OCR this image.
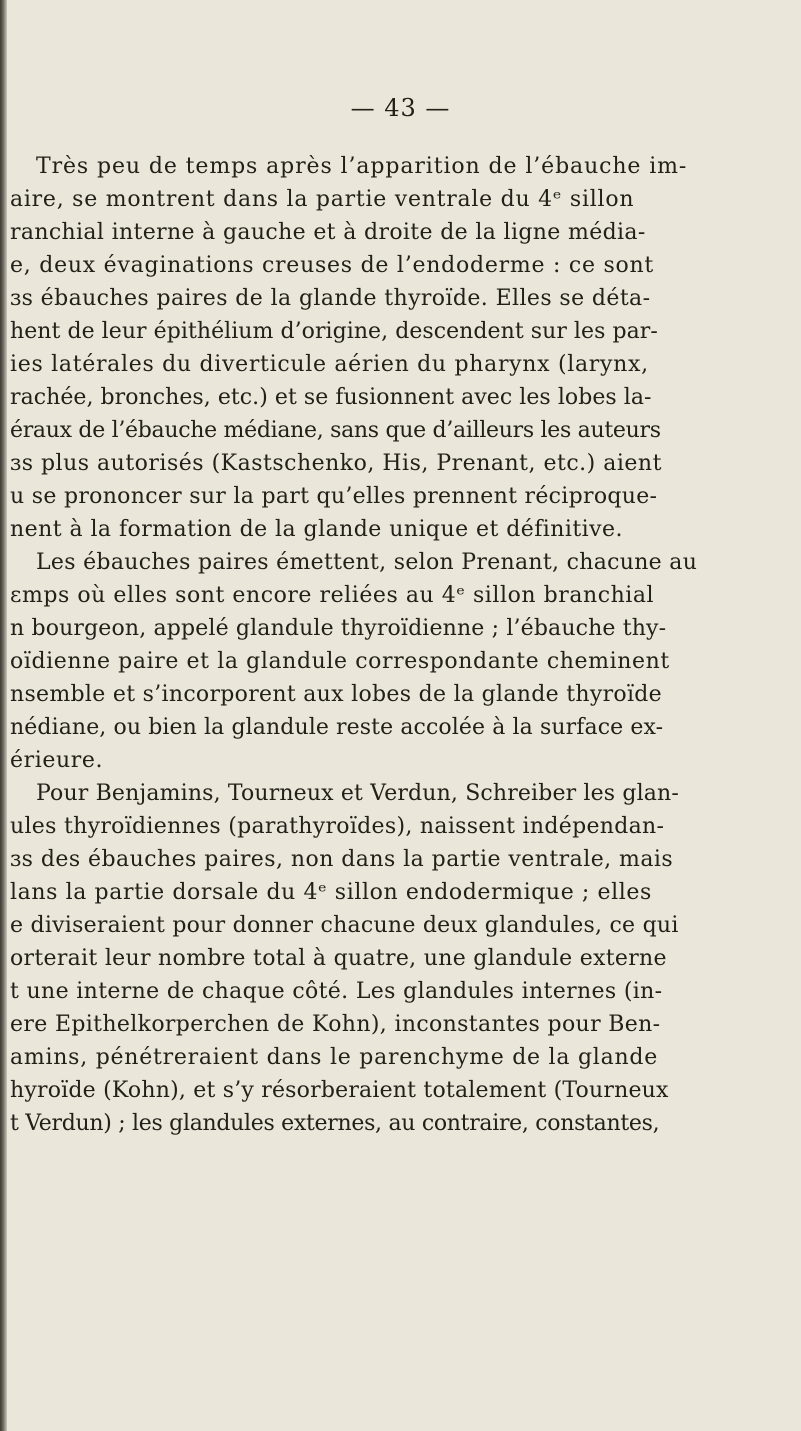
— 43 —
Très peu de temps après l’apparition de l’ébauche im-
aire, se montrent dans la partie ventrale du 4ᵉ sillon
ranchial interne à gauche et à droite de la ligne média-
e, deux évaginations creuses de l’endoderme : ce sont
ɜs ébauches paires de la glande thyroïde. Elles se déta-
hent de leur épithélium d’origine, descendent sur les par-
ies latérales du diverticule aérien du pharynx (larynx,
rachée, bronches, etc.) et se fusionnent avec les lobes la-
éraux de l’ébauche médiane, sans que d’ailleurs les auteurs
ɜs plus autorisés (Kastschenko, His, Prenant, etc.) aient
u se prononcer sur la part qu’elles prennent réciproque-
nent à la formation de la glande unique et définitive.
Les ébauches paires émettent, selon Prenant, chacune au
ɛmps où elles sont encore reliées au 4ᵉ sillon branchial
n bourgeon, appelé glandule thyroïdienne ; l’ébauche thy-
oïdienne paire et la glandule correspondante cheminent
nsemble et s’incorporent aux lobes de la glande thyroïde
nédiane, ou bien la glandule reste accolée à la surface ex-
érieure.
Pour Benjamins, Tourneux et Verdun, Schreiber les glan-
ules thyroïdiennes (parathyroïdes), naissent indépendan-
ɜs des ébauches paires, non dans la partie ventrale, mais
lans la partie dorsale du 4ᵉ sillon endodermique ; elles
e diviseraient pour donner chacune deux glandules, ce qui
orterait leur nombre total à quatre, une glandule externe
t une interne de chaque côté. Les glandules internes (in-
ere Epithelkorperchen de Kohn), inconstantes pour Ben-
amins, pénétreraient dans le parenchyme de la glande
hyroïde (Kohn), et s’y résorberaient totalement (Tourneux
t Verdun) ; les glandules externes, au contraire, constantes,
